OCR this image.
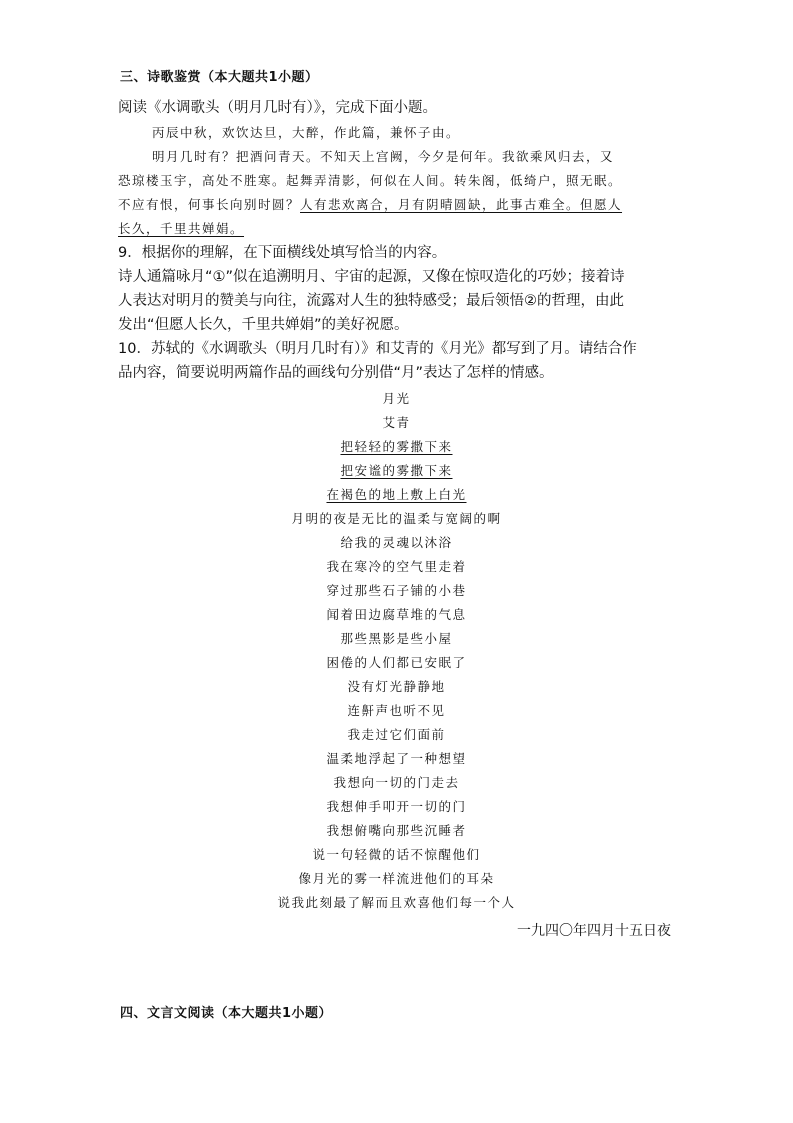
三、诗歌鉴赏（本大题共1小题）
阅读《水调歌头（明月几时有）》，完成下面小题。
丙辰中秋，欢饮达旦，大醉，作此篇，兼怀子由。
明月几时有？把酒问青天。不知天上宫阙，今夕是何年。我欲乘风归去，又
恐琼楼玉宇，高处不胜寒。起舞弄清影，何似在人间。转朱阁，低绮户，照无眠。
不应有恨，何事长向别时圆？人有悲欢离合，月有阴晴圆缺，此事古难全。但愿人
长久，千里共婵娟。
9．根据你的理解，在下面横线处填写恰当的内容。
诗人通篇咏月“①”似在追溯明月、宇宙的起源，又像在惊叹造化的巧妙；接着诗
人表达对明月的赞美与向往，流露对人生的独特感受；最后领悟②的哲理，由此
发出“但愿人长久，千里共婵娟”的美好祝愿。
10．苏轼的《水调歌头（明月几时有）》和艾青的《月光》都写到了月。请结合作
品内容，简要说明两篇作品的画线句分别借“月”表达了怎样的情感。
月光
艾青
把轻轻的雾撒下来
把安谧的雾撒下来
在褐色的地上敷上白光
月明的夜是无比的温柔与宽阔的啊
给我的灵魂以沐浴
我在寒冷的空气里走着
穿过那些石子铺的小巷
闻着田边腐草堆的气息
那些黑影是些小屋
困倦的人们都已安眠了
没有灯光静静地
连鼾声也听不见
我走过它们面前
温柔地浮起了一种想望
我想向一切的门走去
我想伸手叩开一切的门
我想俯嘴向那些沉睡者
说一句轻微的话不惊醒他们
像月光的雾一样流进他们的耳朵
说我此刻最了解而且欢喜他们每一个人
一九四〇年四月十五日夜
四、文言文阅读（本大题共1小题）
